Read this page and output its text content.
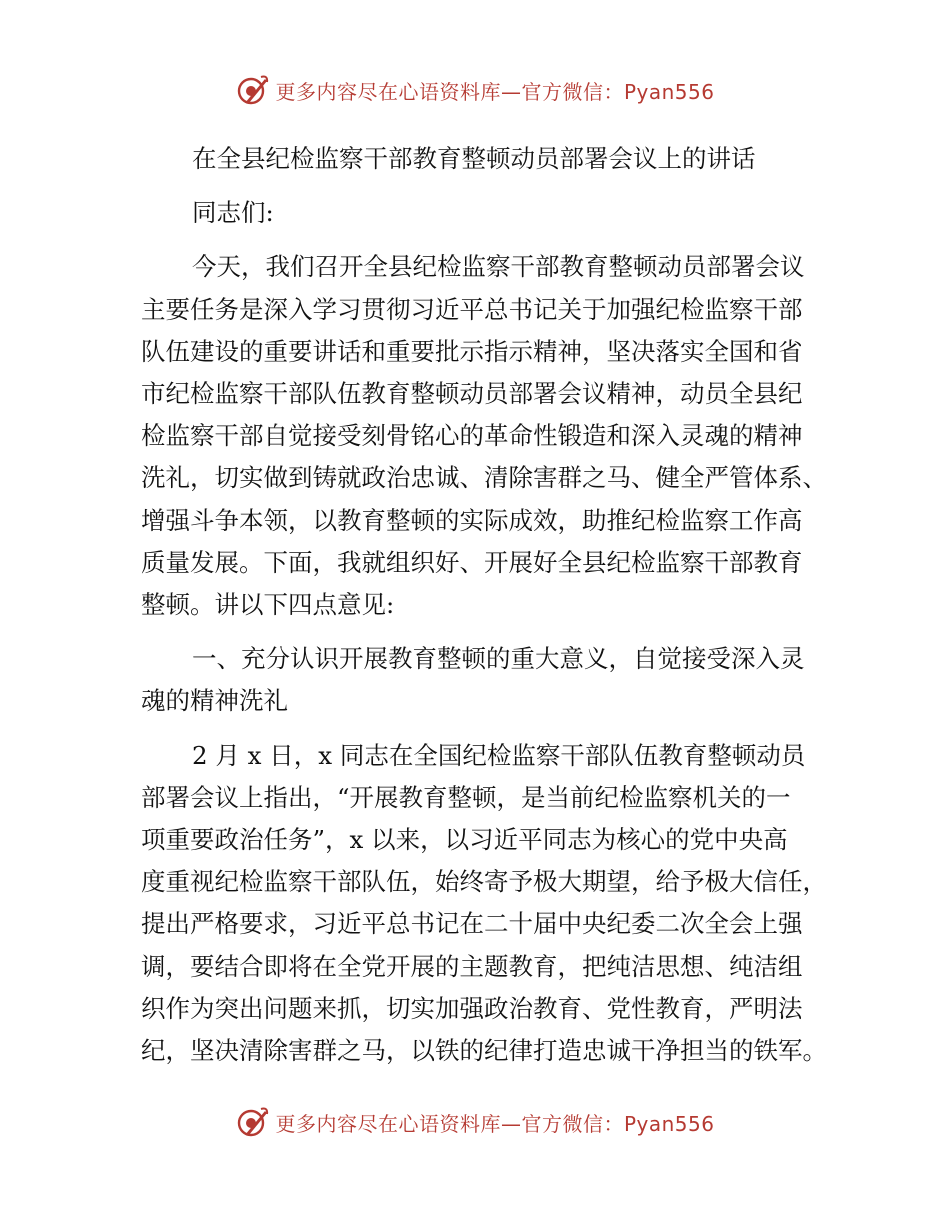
更多内容尽在心语资料库—官方微信：Pyan556

在全县纪检监察干部教育整顿动员部署会议上的讲话

同志们:

今天，我们召开全县纪检监察干部教育整顿动员部署会议

主要任务是深入学习贯彻习近平总书记关于加强纪检监察干部

队伍建设的重要讲话和重要批示指示精神，坚决落实全国和省

市纪检监察干部队伍教育整顿动员部署会议精神，动员全县纪

检监察干部自觉接受刻骨铭心的革命性锻造和深入灵魂的精神

洗礼，切实做到铸就政治忠诚、清除害群之马、健全严管体系、

增强斗争本领，以教育整顿的实际成效，助推纪检监察工作高

质量发展。下面，我就组织好、开展好全县纪检监察干部教育

整顿。讲以下四点意见:

一、充分认识开展教育整顿的重大意义，自觉接受深入灵

魂的精神洗礼

2 月 x 日，x 同志在全国纪检监察干部队伍教育整顿动员

部署会议上指出，“开展教育整顿，是当前纪检监察机关的一

项重要政治任务”，x 以来，以习近平同志为核心的党中央高

度重视纪检监察干部队伍，始终寄予极大期望，给予极大信任，

提出严格要求，习近平总书记在二十届中央纪委二次全会上强

调，要结合即将在全党开展的主题教育，把纯洁思想、纯洁组

织作为突出问题来抓，切实加强政治教育、党性教育，严明法

纪，坚决清除害群之马，以铁的纪律打造忠诚干净担当的铁军。

更多内容尽在心语资料库—官方微信：Pyan556
